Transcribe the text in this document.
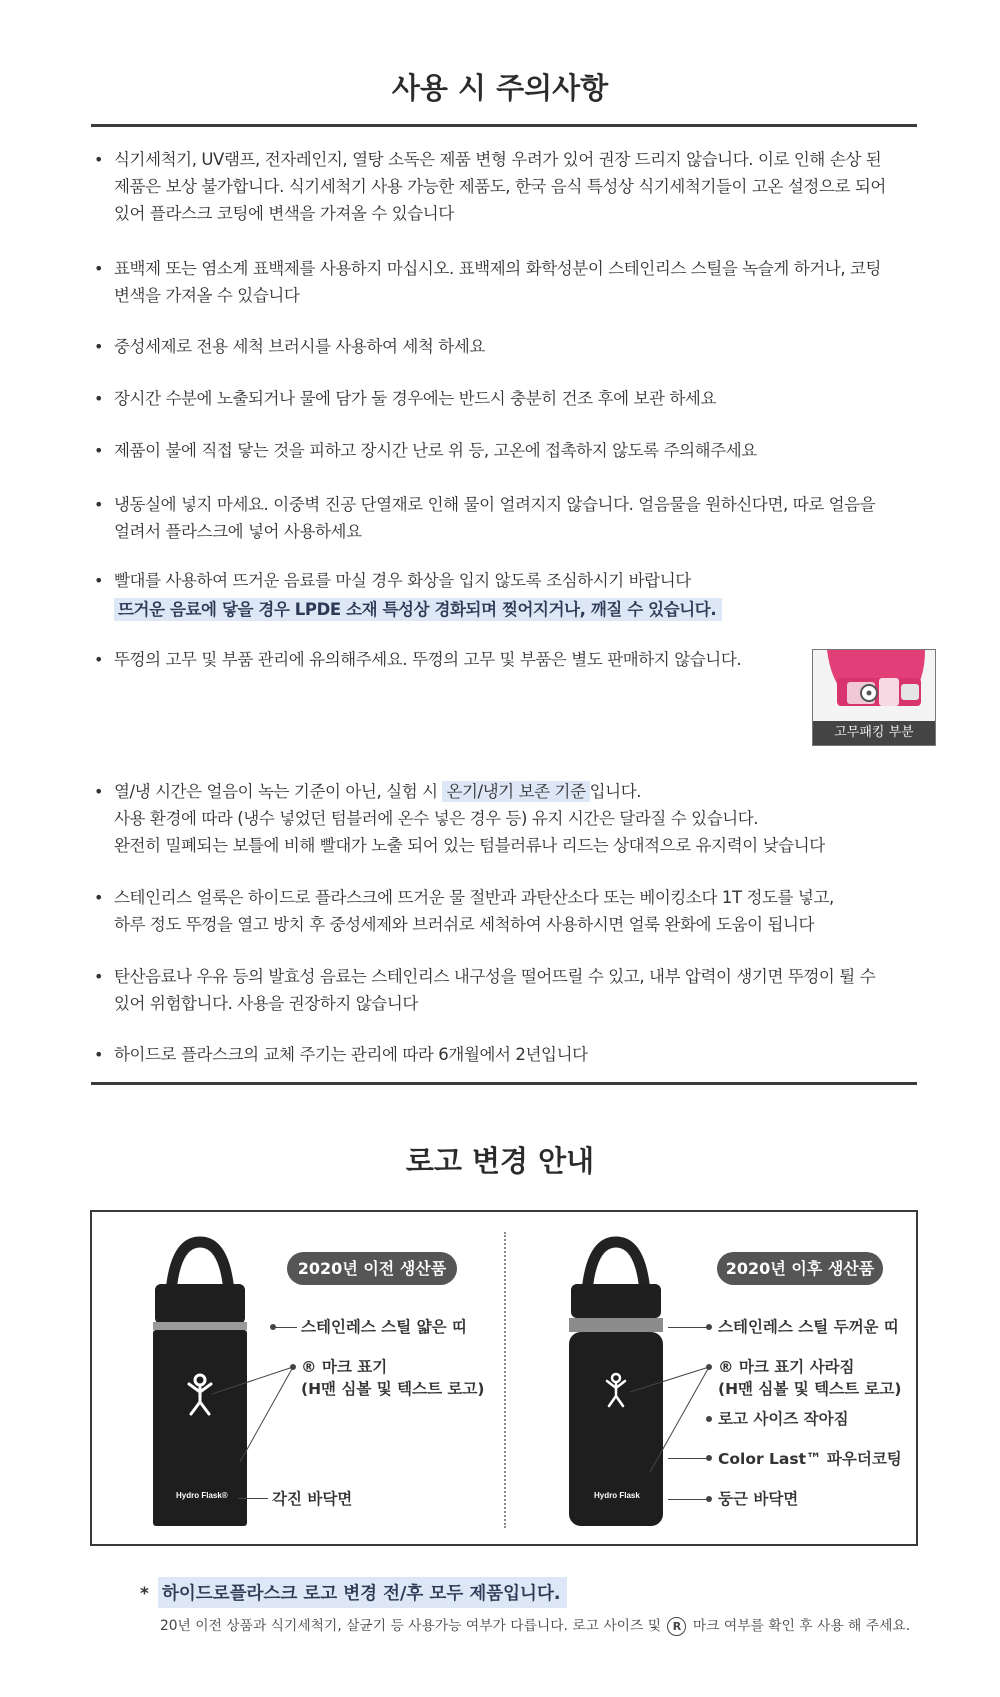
사용 시 주의사항
• 식기세척기, UV램프, 전자레인지, 열탕 소독은 제품 변형 우려가 있어 권장 드리지 않습니다. 이로 인해 손상 된
제품은 보상 불가합니다. 식기세척기 사용 가능한 제품도, 한국 음식 특성상 식기세척기들이 고온 설정으로 되어
있어 플라스크 코팅에 변색을 가져올 수 있습니다
• 표백제 또는 염소계 표백제를 사용하지 마십시오. 표백제의 화학성분이 스테인리스 스틸을 녹슬게 하거나, 코팅
변색을 가져올 수 있습니다
• 중성세제로 전용 세척 브러시를 사용하여 세척 하세요
• 장시간 수분에 노출되거나 물에 담가 둘 경우에는 반드시 충분히 건조 후에 보관 하세요
• 제품이 불에 직접 닿는 것을 피하고 장시간 난로 위 등, 고온에 접촉하지 않도록 주의해주세요
• 냉동실에 넣지 마세요. 이중벽 진공 단열재로 인해 물이 얼려지지 않습니다. 얼음물을 원하신다면, 따로 얼음을
얼려서 플라스크에 넣어 사용하세요
• 빨대를 사용하여 뜨거운 음료를 마실 경우 화상을 입지 않도록 조심하시기 바랍니다
뜨거운 음료에 닿을 경우 LPDE 소재 특성상 경화되며 찢어지거나, 깨질 수 있습니다.
• 뚜껑의 고무 및 부품 관리에 유의해주세요. 뚜껑의 고무 및 부품은 별도 판매하지 않습니다.
고무패킹 부분
• 열/냉 시간은 얼음이 녹는 기준이 아닌, 실험 시 온기/냉기 보존 기준 입니다.
사용 환경에 따라 (냉수 넣었던 텀블러에 온수 넣은 경우 등) 유지 시간은 달라질 수 있습니다.
완전히 밀폐되는 보틀에 비해 빨대가 노출 되어 있는 텀블러류나 리드는 상대적으로 유지력이 낮습니다
• 스테인리스 얼룩은 하이드로 플라스크에 뜨거운 물 절반과 과탄산소다 또는 베이킹소다 1T 정도를 넣고,
하루 정도 뚜껑을 열고 방치 후 중성세제와 브러쉬로 세척하여 사용하시면 얼룩 완화에 도움이 됩니다
• 탄산음료나 우유 등의 발효성 음료는 스테인리스 내구성을 떨어뜨릴 수 있고, 내부 압력이 생기면 뚜껑이 튈 수
있어 위험합니다. 사용을 권장하지 않습니다
• 하이드로 플라스크의 교체 주기는 관리에 따라 6개월에서 2년입니다
로고 변경 안내
Hydro Flask®	Hydro Flask
2020년 이전 생산품
스테인레스 스틸 얇은 띠
® 마크 표기
(H맨 심볼 및 텍스트 로고)
각진 바닥면
2020년 이후 생산품
스테인레스 스틸 두꺼운 띠
® 마크 표기 사라짐
(H맨 심볼 및 텍스트 로고)
로고 사이즈 작아짐
Color Last™ 파우더코팅
둥근 바닥면
* 하이드로플라스크 로고 변경 전/후 모두 제품입니다.
20년 이전 상품과 식기세척기, 살균기 등 사용가능 여부가 다릅니다. 로고 사이즈 및 R 마크 여부를 확인 후 사용 해 주세요.
